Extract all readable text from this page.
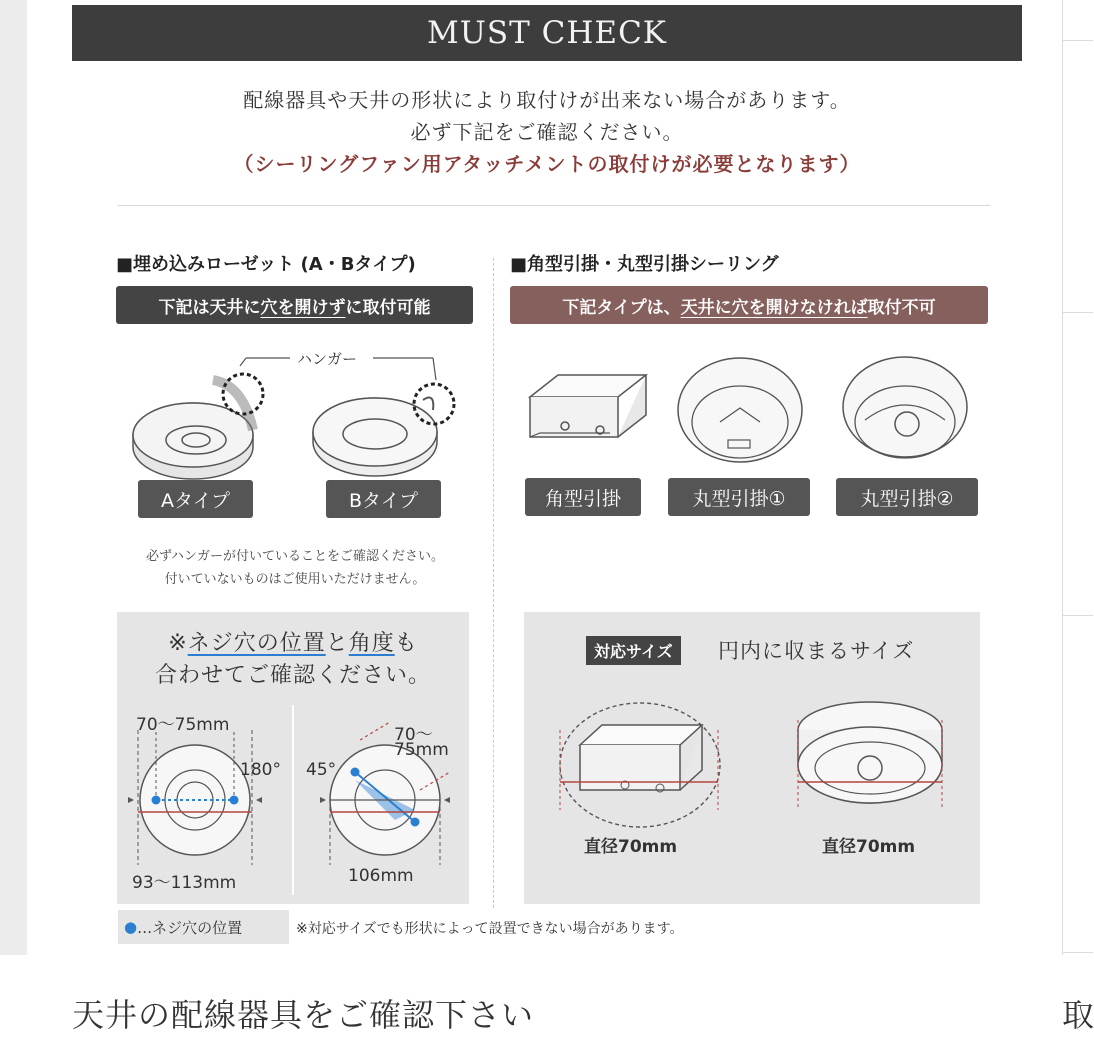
MUST CHECK
配線器具や天井の形状により取付けが出来ない場合があります。
必ず下記をご確認ください。
（シーリングファン用アタッチメントの取付けが必要となります）
■埋め込みローゼット (A・Bタイプ)
下記は天井に 穴を開けず に取付可能
ハンガー
Aタイプ	Bタイプ
必ずハンガーが付いていることをご確認ください。
付いていないものはご使用いただけません。
■角型引掛・丸型引掛シーリング
下記タイプは、 天井に穴を開けなければ 取付不可
角型引掛	丸型引掛①	丸型引掛②
※ネジ穴の位置と角度も
合わせてご確認ください。
70～75mm
180°
93～113mm
45°
70～
75mm
106mm
対応サイズ	円内に収まるサイズ
直径70mm	直径70mm
● …ネジ穴の位置	※対応サイズでも形状によって設置できない場合があります。
天井の配線器具をご確認下さい	取
